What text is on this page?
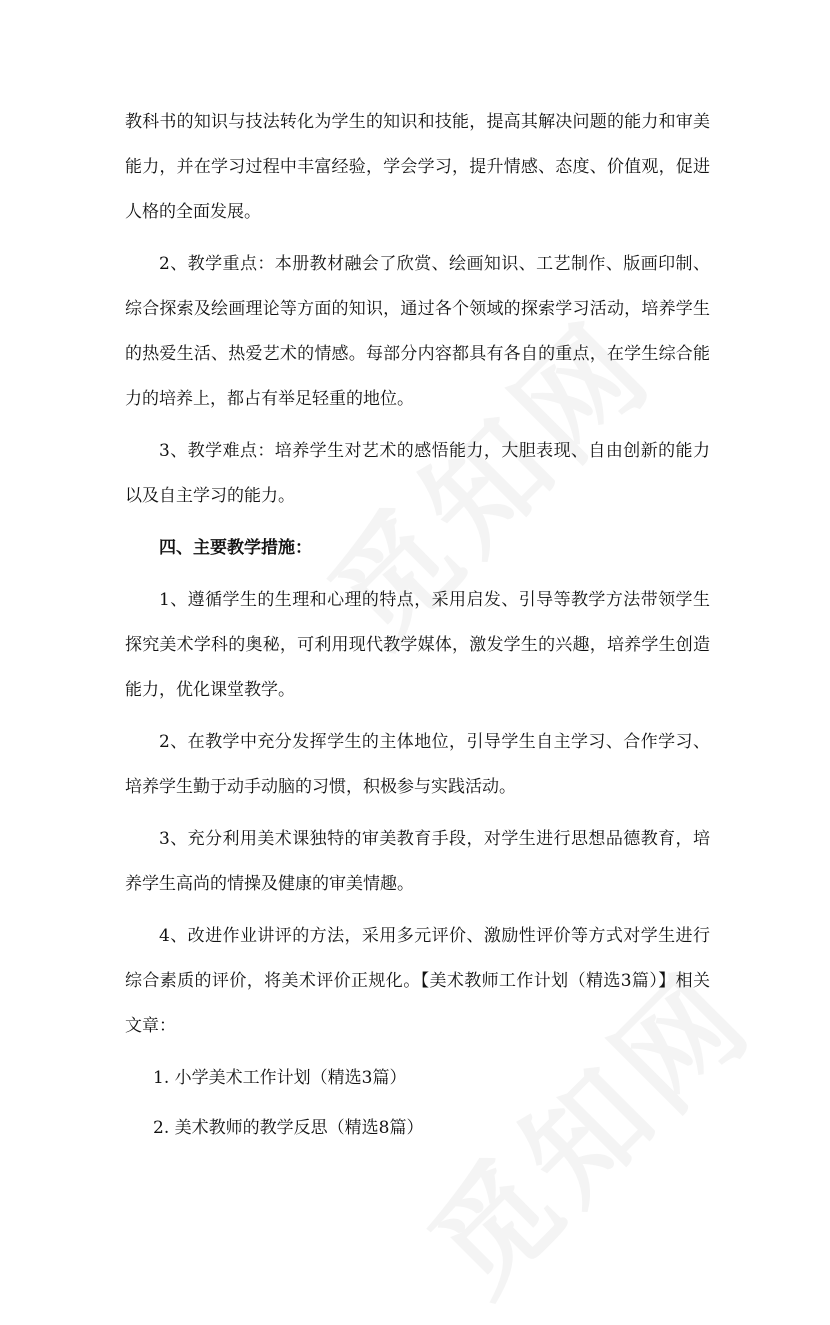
教科书的知识与技法转化为学生的知识和技能，提高其解决问题的能力和审美能力，并在学习过程中丰富经验，学会学习，提升情感、态度、价值观，促进人格的全面发展。

2、教学重点：本册教材融会了欣赏、绘画知识、工艺制作、版画印制、综合探索及绘画理论等方面的知识，通过各个领域的探索学习活动，培养学生的热爱生活、热爱艺术的情感。每部分内容都具有各自的重点，在学生综合能力的培养上，都占有举足轻重的地位。

3、教学难点：培养学生对艺术的感悟能力，大胆表现、自由创新的能力以及自主学习的能力。

四、主要教学措施：

1、遵循学生的生理和心理的特点，采用启发、引导等教学方法带领学生探究美术学科的奥秘，可利用现代教学媒体，激发学生的兴趣，培养学生创造能力，优化课堂教学。

2、在教学中充分发挥学生的主体地位，引导学生自主学习、合作学习、培养学生勤于动手动脑的习惯，积极参与实践活动。

3、充分利用美术课独特的审美教育手段，对学生进行思想品德教育，培养学生高尚的情操及健康的审美情趣。

4、改进作业讲评的方法，采用多元评价、激励性评价等方式对学生进行综合素质的评价，将美术评价正规化。【美术教师工作计划（精选3篇）】相关文章：

1. 小学美术工作计划（精选3篇）

2. 美术教师的教学反思（精选8篇）
